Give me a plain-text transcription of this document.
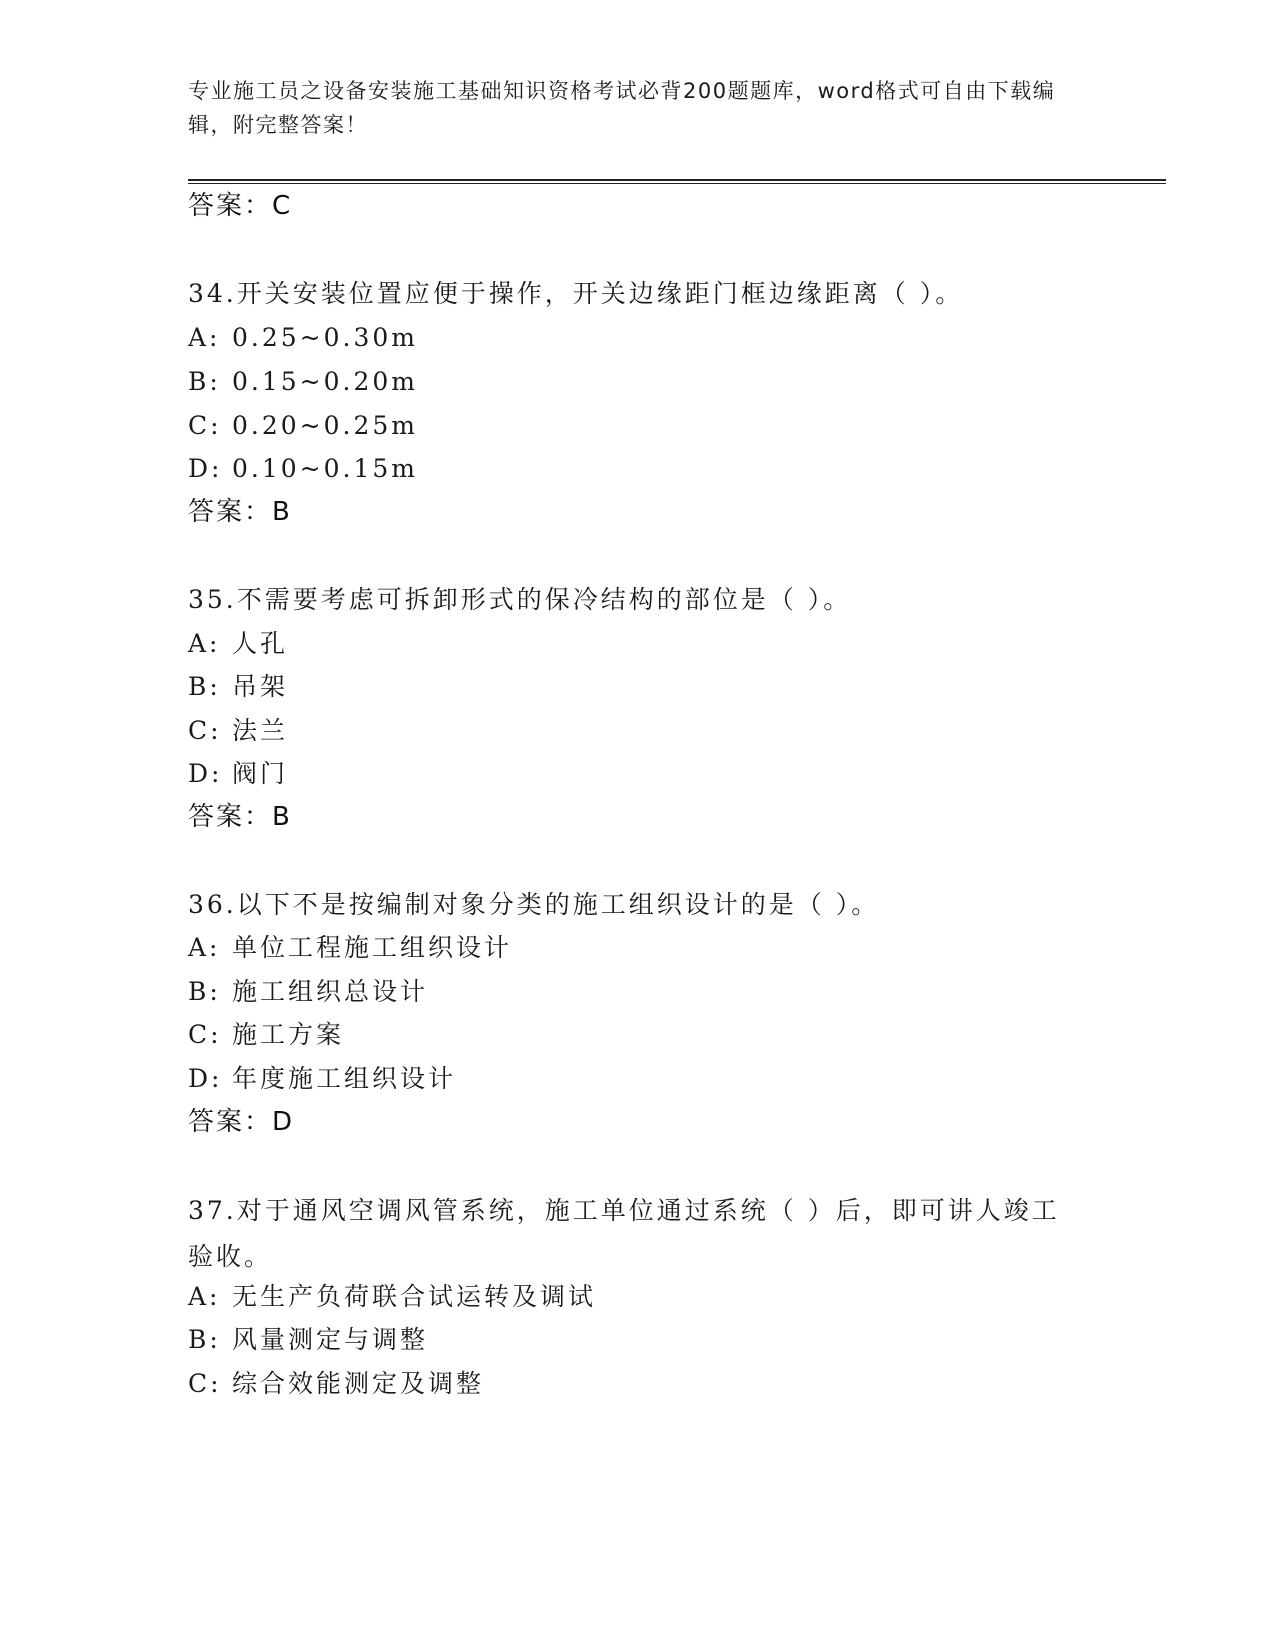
专业施工员之设备安装施工基础知识资格考试必背200题题库，word格式可自由下载编辑，附完整答案！
答案：C
34.开关安装位置应便于操作，开关边缘距门框边缘距离（ ）。
A: 0.25~0.30m
B: 0.15~0.20m
C: 0.20~0.25m
D: 0.10~0.15m
答案：B
35.不需要考虑可拆卸形式的保冷结构的部位是（ ）。
A: 人孔
B: 吊架
C: 法兰
D: 阀门
答案：B
36.以下不是按编制对象分类的施工组织设计的是（ ）。
A: 单位工程施工组织设计
B: 施工组织总设计
C: 施工方案
D: 年度施工组织设计
答案：D
37.对于通风空调风管系统，施工单位通过系统（ ）后，即可讲人竣工验收。
A: 无生产负荷联合试运转及调试
B: 风量测定与调整
C: 综合效能测定及调整
